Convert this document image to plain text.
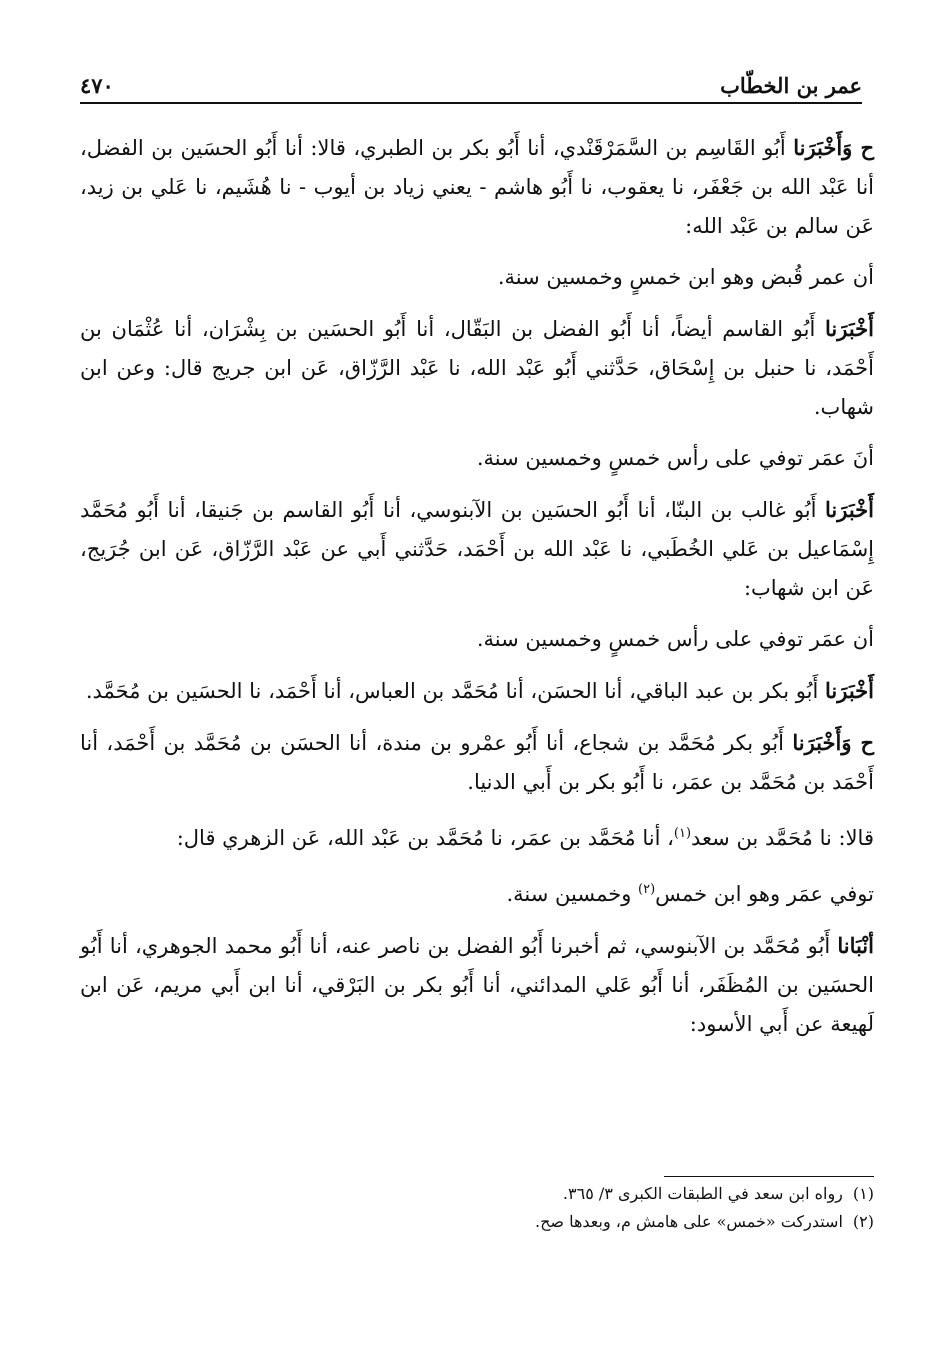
عمر بن الخطّاب
٤٧٠

ح وَأَخْبَرَنا أَبُو القَاسِم بن السَّمَرْقَنْدي، أنا أَبُو بكر بن الطبري، قالا: أنا أَبُو الحسَين بن الفضل، أنا عَبْد الله بن جَعْفَر، نا يعقوب، نا أَبُو هاشم - يعني زياد بن أيوب - نا هُشَيم، نا عَلي بن زيد، عَن سالم بن عَبْد الله:

أن عمر قُبض وهو ابن خمسٍ وخمسين سنة.

أَخْبَرَنا أَبُو القاسم أيضاً، أنا أَبُو الفضل بن البَقّال، أنا أَبُو الحسَين بن بِشْرَان، أنا عُثْمَان بن أَحْمَد، نا حنبل بن إِسْحَاق، حَدَّثني أَبُو عَبْد الله، نا عَبْد الرَّزّاق، عَن ابن جريج قال: وعن ابن شهاب.

أنَ عمَر توفي على رأس خمسٍ وخمسين سنة.

أَخْبَرَنا أَبُو غالب بن البنّا، أنا أَبُو الحسَين بن الآبنوسي، أنا أَبُو القاسم بن جَنيقا، أنا أَبُو مُحَمَّد إِسْمَاعيل بن عَلي الخُطَبي، نا عَبْد الله بن أَحْمَد، حَدَّثني أَبي عن عَبْد الرَّزّاق، عَن ابن جُرَيج، عَن ابن شهاب:

أن عمَر توفي على رأس خمسٍ وخمسين سنة.

أَخْبَرَنا أَبُو بكر بن عبد الباقي، أنا الحسَن، أنا مُحَمَّد بن العباس، أنا أَحْمَد، نا الحسَين بن مُحَمَّد.

ح وَأَخْبَرَنا أَبُو بكر مُحَمَّد بن شجاع، أنا أَبُو عمْرو بن مندة، أنا الحسَن بن مُحَمَّد بن أَحْمَد، أنا أَحْمَد بن مُحَمَّد بن عمَر، نا أَبُو بكر بن أَبي الدنيا.

قالا: نا مُحَمَّد بن سعد$^{(١)}$، أنا مُحَمَّد بن عمَر، نا مُحَمَّد بن عَبْد الله، عَن الزهري قال:

توفي عمَر وهو ابن خمس$^{(٢)}$ وخمسين سنة.

أنْبَانا أَبُو مُحَمَّد بن الآبنوسي، ثم أخبرنا أَبُو الفضل بن ناصر عنه، أنا أَبُو محمد الجوهري، أنا أَبُو الحسَين بن المُظَفَر، أنا أَبُو عَلي المدائني، أنا أَبُو بكر بن البَرْقي، أنا ابن أَبي مريم، عَن ابن لَهيعة عن أَبي الأسود:

(١)
رواه ابن سعد في الطبقات الكبرى ٣/ ٣٦٥.
(٢)
استدركت «خمس» على هامش م، وبعدها صح.
